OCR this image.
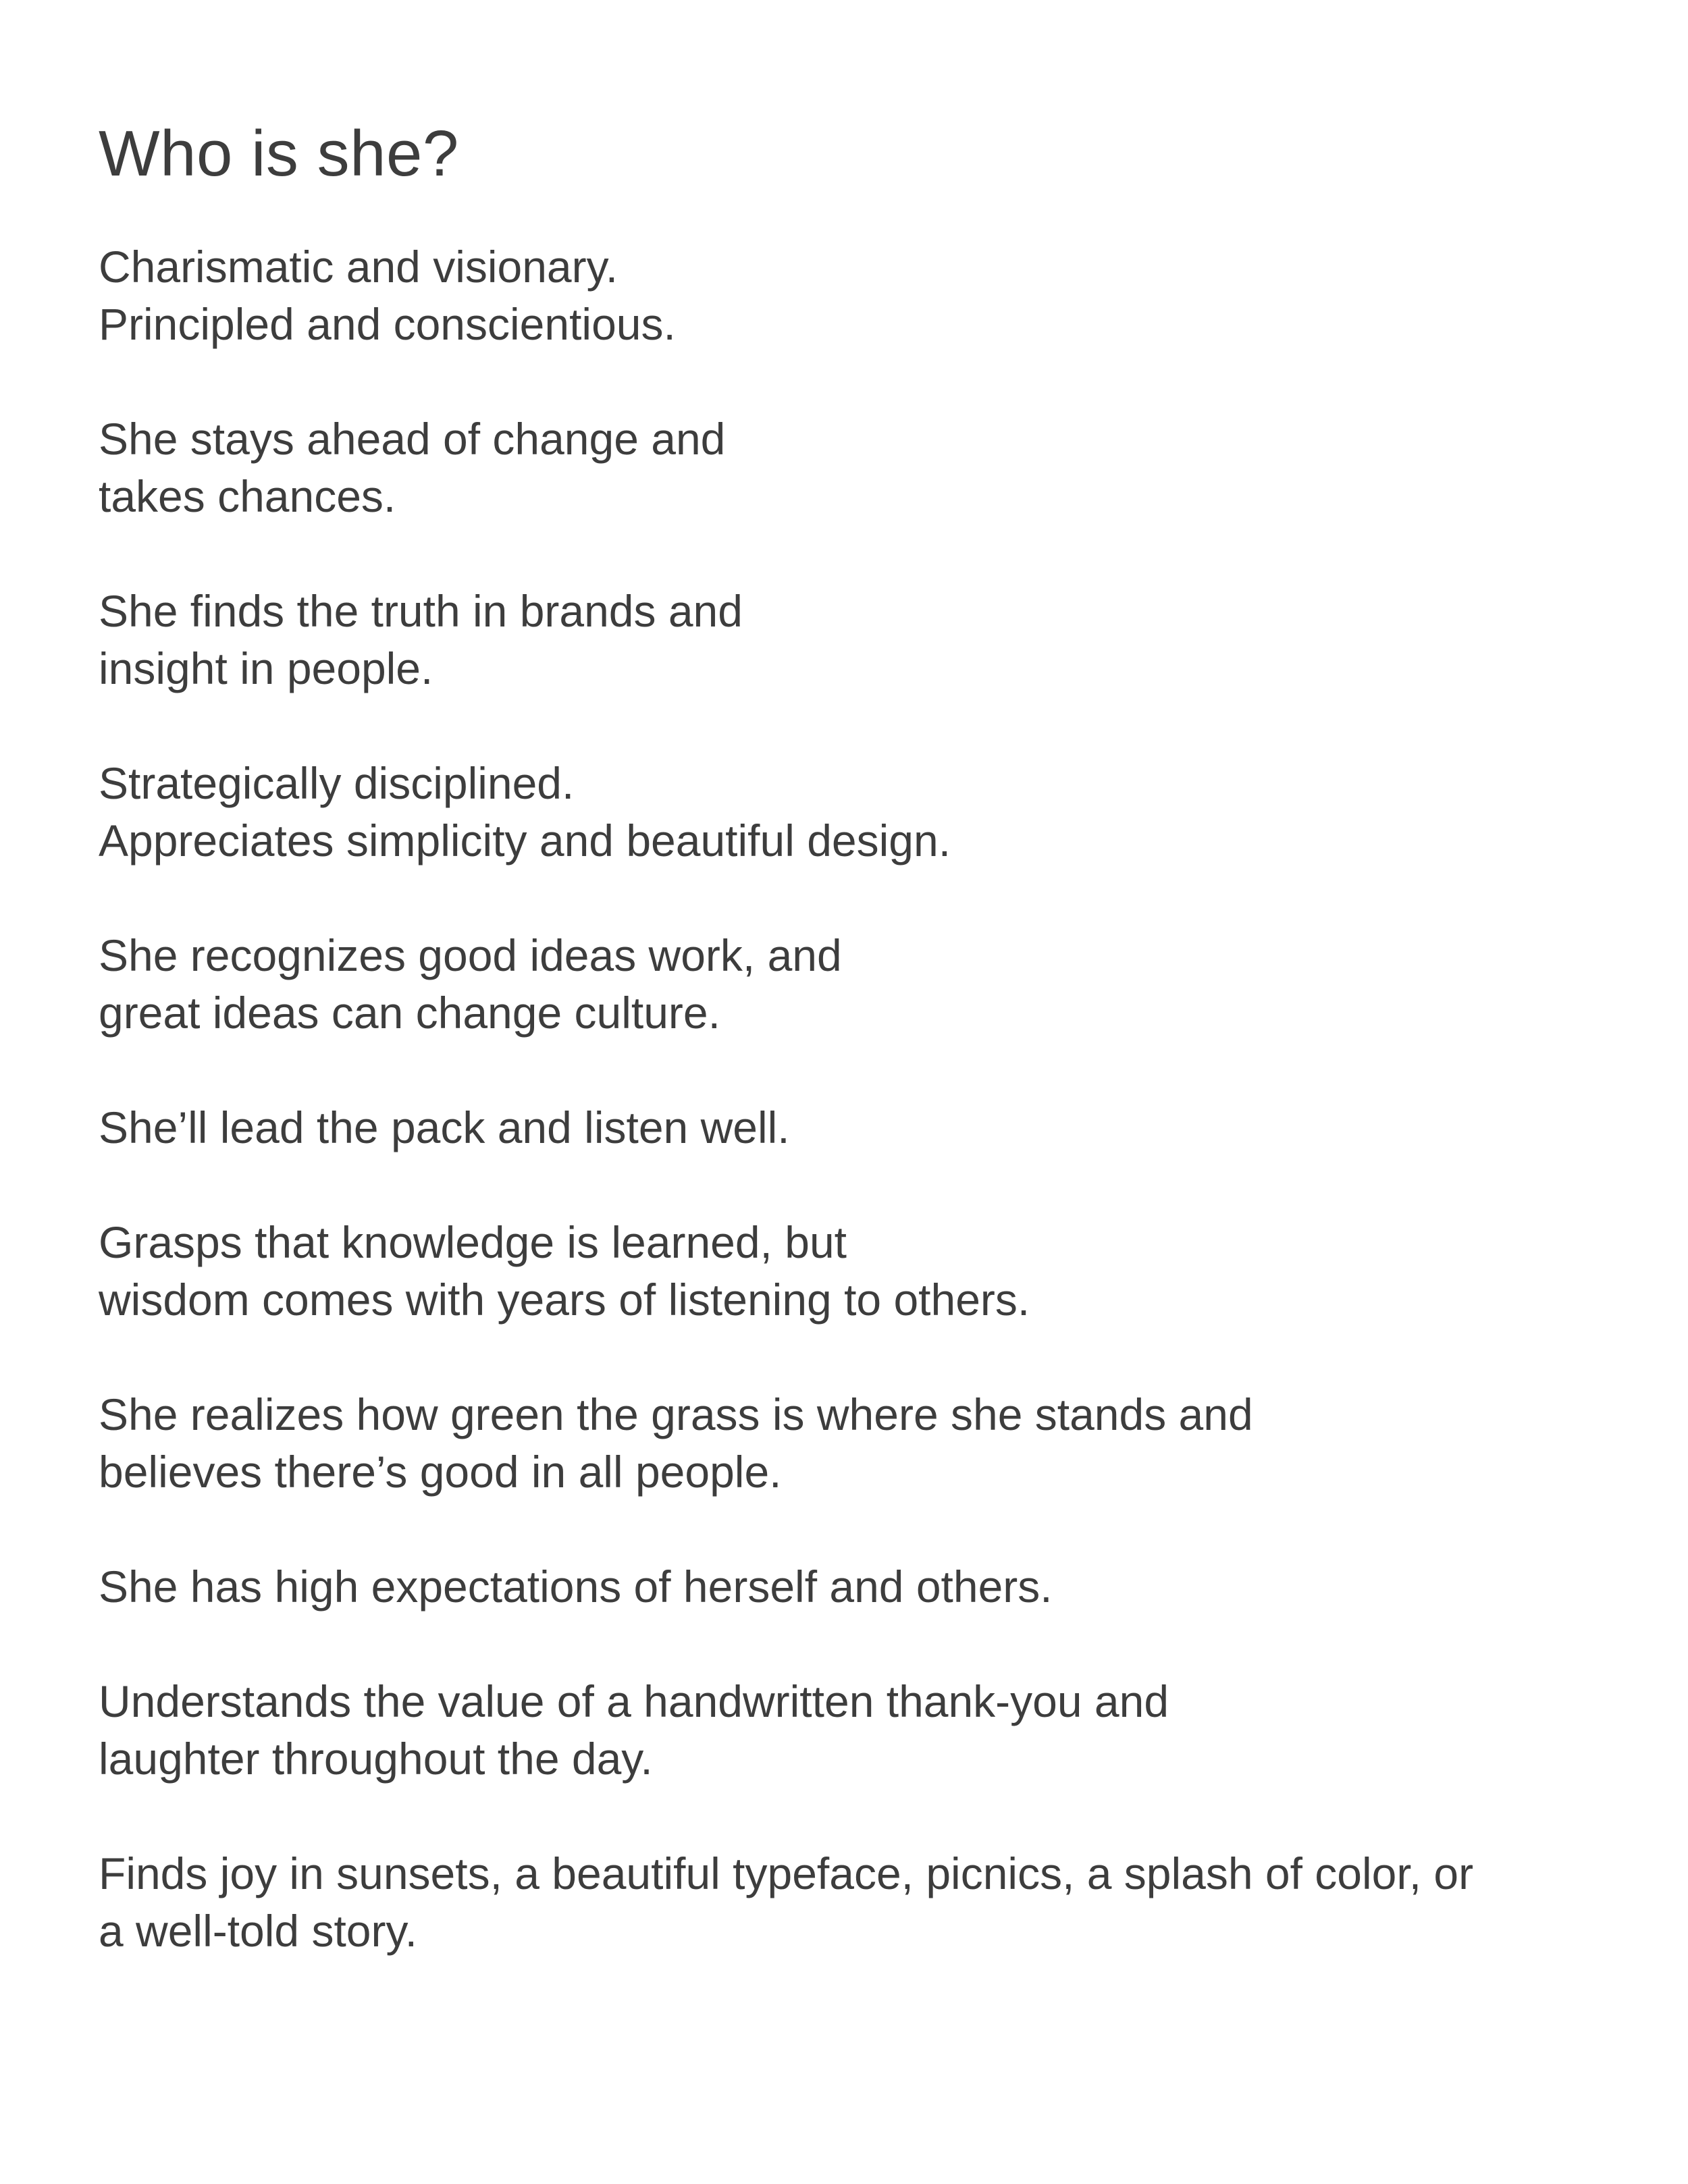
Who is she?

Charismatic and visionary.
Principled and conscientious.

She stays ahead of change and
takes chances.

She finds the truth in brands and
insight in people.

Strategically disciplined.
Appreciates simplicity and beautiful design.

She recognizes good ideas work, and
great ideas can change culture.

She’ll lead the pack and listen well.

Grasps that knowledge is learned, but
wisdom comes with years of listening to others.

She realizes how green the grass is where she stands and
believes there’s good in all people.

She has high expectations of herself and others.

Understands the value of a handwritten thank-you and
laughter throughout the day.

Finds joy in sunsets, a beautiful typeface, picnics, a splash of color, or
a well-told story.
